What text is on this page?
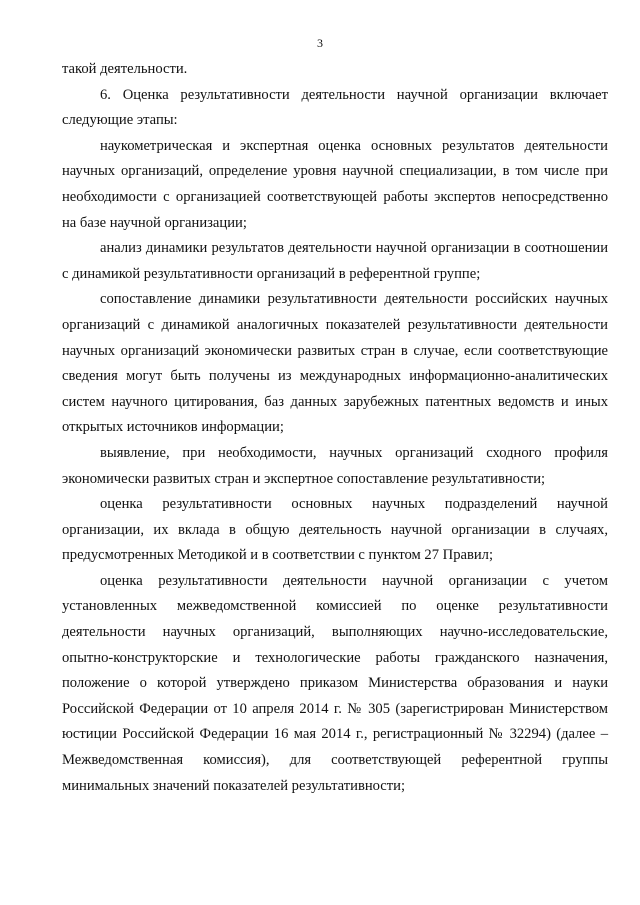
3

такой деятельности.

6. Оценка результативности деятельности научной организации включает следующие этапы:

наукометрическая и экспертная оценка основных результатов деятельности научных организаций, определение уровня научной специализации, в том числе при необходимости с организацией соответствующей работы экспертов непосредственно на базе научной организации;

анализ динамики результатов деятельности научной организации в соотношении с динамикой результативности организаций в референтной группе;

сопоставление динамики результативности деятельности российских научных организаций с динамикой аналогичных показателей результативности деятельности научных организаций экономически развитых стран в случае, если соответствующие сведения могут быть получены из международных информационно-аналитических систем научного цитирования, баз данных зарубежных патентных ведомств и иных открытых источников информации;

выявление, при необходимости, научных организаций сходного профиля экономически развитых стран и экспертное сопоставление результативности;

оценка результативности основных научных подразделений научной организации, их вклада в общую деятельность научной организации в случаях, предусмотренных Методикой и в соответствии с пунктом 27 Правил;

оценка результативности деятельности научной организации с учетом установленных межведомственной комиссией по оценке результативности деятельности научных организаций, выполняющих научно-исследовательские, опытно-конструкторские и технологические работы гражданского назначения, положение о которой утверждено приказом Министерства образования и науки Российской Федерации от 10 апреля 2014 г. № 305 (зарегистрирован Министерством юстиции Российской Федерации 16 мая 2014 г., регистрационный № 32294) (далее – Межведомственная комиссия), для соответствующей референтной группы минимальных значений показателей результативности;
